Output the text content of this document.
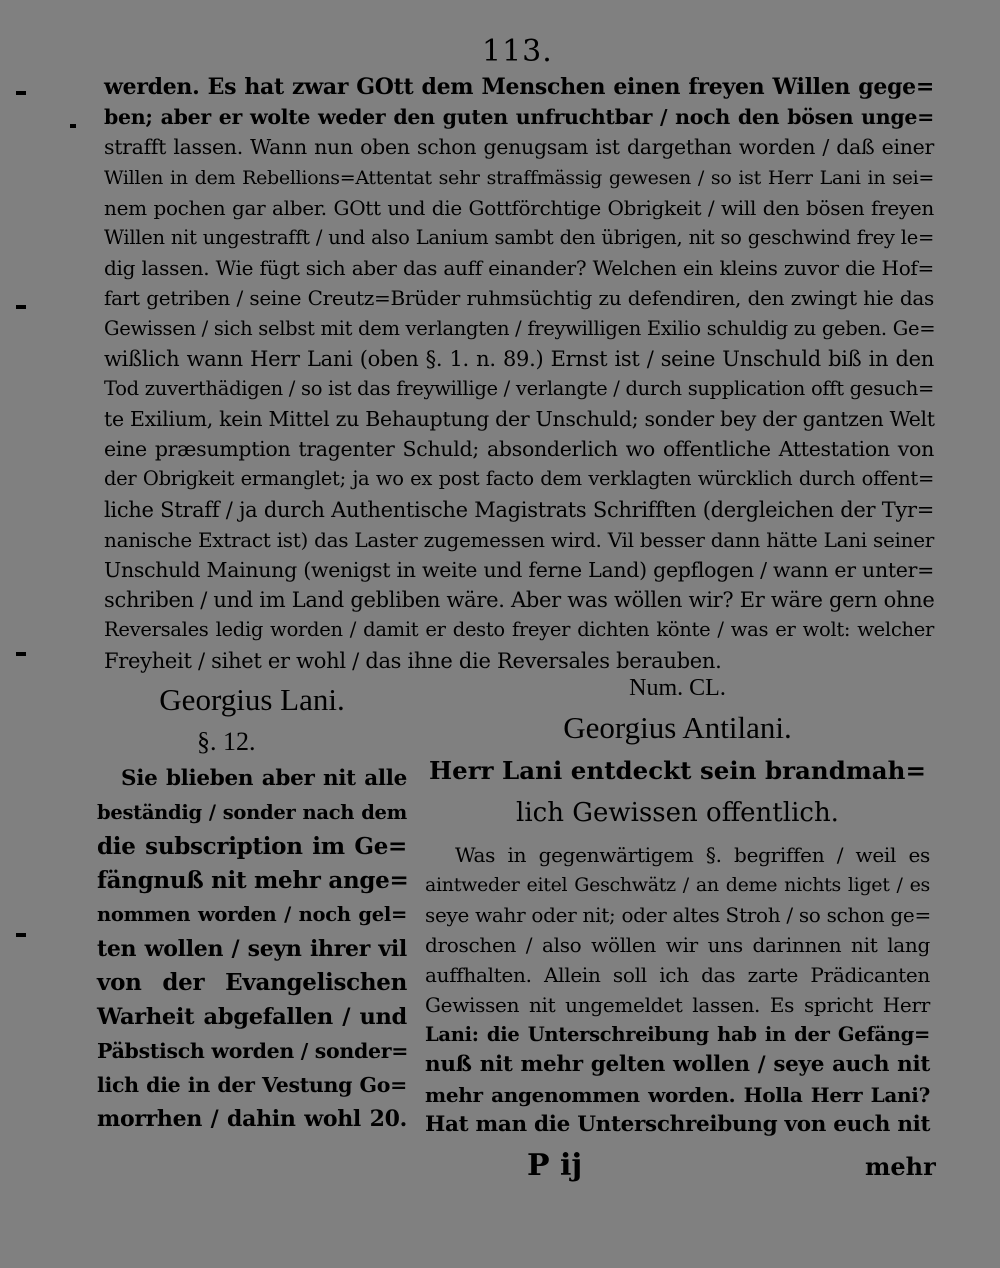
113.
werden. Es hat zwar GOtt dem Menschen einen freyen Willen gege=
ben; aber er wolte weder den guten unfruchtbar / noch den bösen unge=
strafft lassen. Wann nun oben schon genugsam ist dargethan worden / daß einer
Willen in dem Rebellions=Attentat sehr straffmässig gewesen / so ist Herr Lani in sei=
nem pochen gar alber. GOtt und die Gottförchtige Obrigkeit / will den bösen freyen
Willen nit ungestrafft / und also Lanium sambt den übrigen, nit so geschwind frey le=
dig lassen. Wie fügt sich aber das auff einander? Welchen ein kleins zuvor die Hof=
fart getriben / seine Creutz=Brüder ruhmsüchtig zu defendiren, den zwingt hie das
Gewissen / sich selbst mit dem verlangten / freywilligen Exilio schuldig zu geben. Ge=
wißlich wann Herr Lani (oben §. 1. n. 89.) Ernst ist / seine Unschuld biß in den
Tod zuverthädigen / so ist das freywillige / verlangte / durch supplication offt gesuch=
te Exilium, kein Mittel zu Behauptung der Unschuld; sonder bey der gantzen Welt
eine præsumption tragenter Schuld; absonderlich wo offentliche Attestation von
der Obrigkeit ermanglet; ja wo ex post facto dem verklagten würcklich durch offent=
liche Straff / ja durch Authentische Magistrats Schrifften (dergleichen der Tyr=
nanische Extract ist) das Laster zugemessen wird. Vil besser dann hätte Lani seiner
Unschuld Mainung (wenigst in weite und ferne Land) gepflogen / wann er unter=
schriben / und im Land gebliben wäre. Aber was wöllen wir? Er wäre gern ohne
Reversales ledig worden / damit er desto freyer dichten könte / was er wolt: welcher
Freyheit / sihet er wohl / das ihne die Reversales berauben.
Georgius Lani.
§. 12.
Sie blieben aber nit alle
beständig / sonder nach dem
die subscription im Ge=
fängnuß nit mehr ange=
nommen worden / noch gel=
ten wollen / seyn ihrer vil
von der Evangelischen
Warheit abgefallen / und
Päbstisch worden / sonder=
lich die in der Vestung Go=
morrhen / dahin wohl 20.
Num. CL.
Georgius Antilani.
Herr Lani entdeckt sein brandmah=
lich Gewissen offentlich.
Was in gegenwärtigem §. begriffen / weil es
aintweder eitel Geschwätz / an deme nichts liget / es
seye wahr oder nit; oder altes Stroh / so schon ge=
droschen / also wöllen wir uns darinnen nit lang
auffhalten. Allein soll ich das zarte Prädicanten
Gewissen nit ungemeldet lassen. Es spricht Herr
Lani: die Unterschreibung hab in der Gefäng=
nuß nit mehr gelten wollen / seye auch nit
mehr angenommen worden. Holla Herr Lani?
Hat man die Unterschreibung von euch nit
P ij	mehr
